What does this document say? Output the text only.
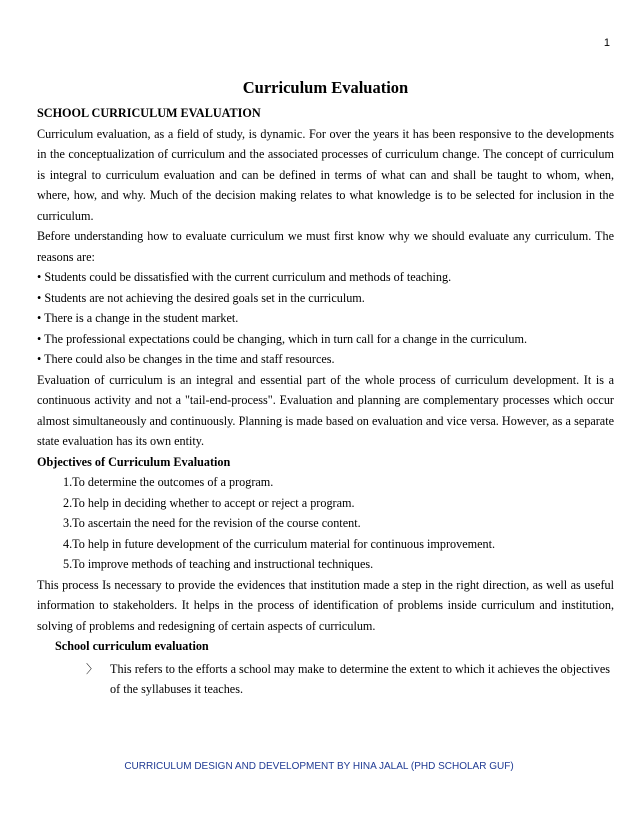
1
Curriculum Evaluation

SCHOOL CURRICULUM EVALUATION

Curriculum evaluation, as a field of study, is dynamic. For over the years it has been responsive to the developments in the conceptualization of curriculum and the associated processes of curriculum change. The concept of curriculum is integral to curriculum evaluation and can be defined in terms of what can and shall be taught to whom, when, where, how, and why. Much of the decision making relates to what knowledge is to be selected for inclusion in the curriculum.

Before understanding how to evaluate curriculum we must first know why we should evaluate any curriculum. The reasons are:

• Students could be dissatisfied with the current curriculum and methods of teaching.

• Students are not achieving the desired goals set in the curriculum.

• There is a change in the student market.

• The professional expectations could be changing, which in turn call for a change in the curriculum.

• There could also be changes in the time and staff resources.

Evaluation of curriculum is an integral and essential part of the whole process of curriculum development. It is a continuous activity and not a "tail-end-process". Evaluation and planning are complementary processes which occur almost simultaneously and continuously. Planning is made based on evaluation and vice versa. However, as a separate state evaluation has its own entity.

Objectives of Curriculum Evaluation

1.To determine the outcomes of a program.

2.To help in deciding whether to accept or reject a program.

3.To ascertain the need for the revision of the course content.

4.To help in future development of the curriculum material for continuous improvement.

5.To improve methods of teaching and instructional techniques.

This process Is necessary to provide the evidences that institution made a step in the right direction, as well as useful information to stakeholders. It helps in the process of identification of problems inside curriculum and institution, solving of problems and redesigning of certain aspects of curriculum.

School curriculum evaluation

〉 This refers to the efforts a school may make to determine the extent to which it achieves the objectives of the syllabuses it teaches.
CURRICULUM DESIGN AND DEVELOPMENT BY HINA JALAL (PHD SCHOLAR GUF)
